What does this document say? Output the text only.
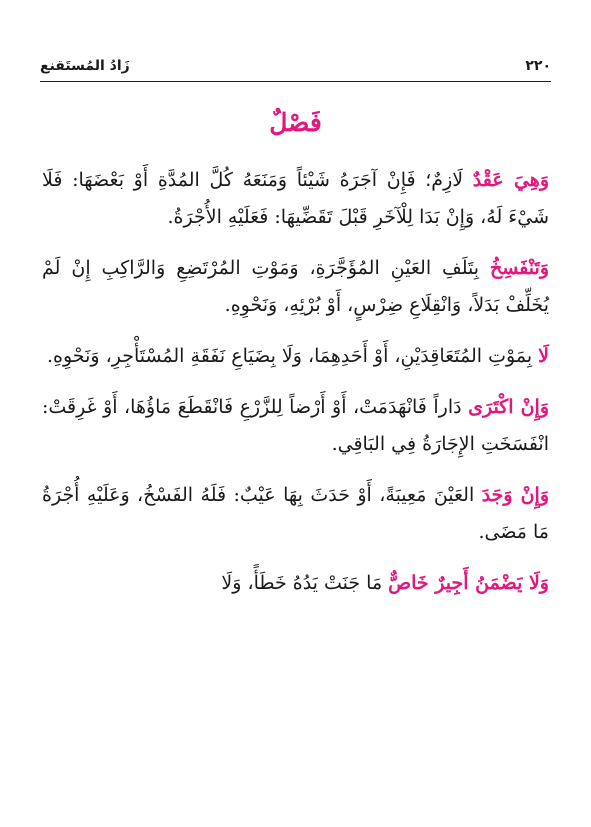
٢٢٠
زَادُ المُستَقنع
فَصْلٌ

وَهِيَ عَقْدٌ لَازِمٌ؛ فَإِنْ آجَرَهُ شَيْئاً وَمَنَعَهُ كُلَّ المُدَّةِ أَوْ بَعْضَهَا: فَلَا شَيْءَ لَهُ، وَإِنْ بَدَا لِلْآخَرِ قَبْلَ تَقَضِّيهَا: فَعَلَيْهِ الأُجْرَةُ.

وَتَنْفَسِخُ بِتَلَفِ العَيْنِ المُؤَجَّرَةِ، وَمَوْتِ المُرْتَضِعِ وَالرَّاكِبِ إِنْ لَمْ يُخَلِّفْ بَدَلاً، وَانْقِلَاعِ ضِرْسٍ، أَوْ بُرْئِهِ، وَنَحْوِهِ.

لَا بِمَوْتِ المُتَعَاقِدَيْنِ، أَوْ أَحَدِهِمَا، وَلَا بِضَيَاعِ نَفَقَةِ المُسْتَأْجِرِ، وَنَحْوِهِ.

وَإِنْ اكْتَرَى دَاراً فَانْهَدَمَتْ، أَوْ أَرْضاً لِلزَّرْعِ فَانْقَطَعَ مَاؤُهَا، أَوْ غَرِقَتْ: انْفَسَخَتِ الإِجَارَةُ فِي البَاقِي.

وَإِنْ وَجَدَ العَيْنَ مَعِيبَةً، أَوْ حَدَثَ بِهَا عَيْبٌ: فَلَهُ الفَسْخُ، وَعَلَيْهِ أُجْرَةُ مَا مَضَى.

وَلَا يَضْمَنُ أَجِيرٌ خَاصٌّ مَا جَنَتْ يَدُهُ خَطَأً، وَلَا
